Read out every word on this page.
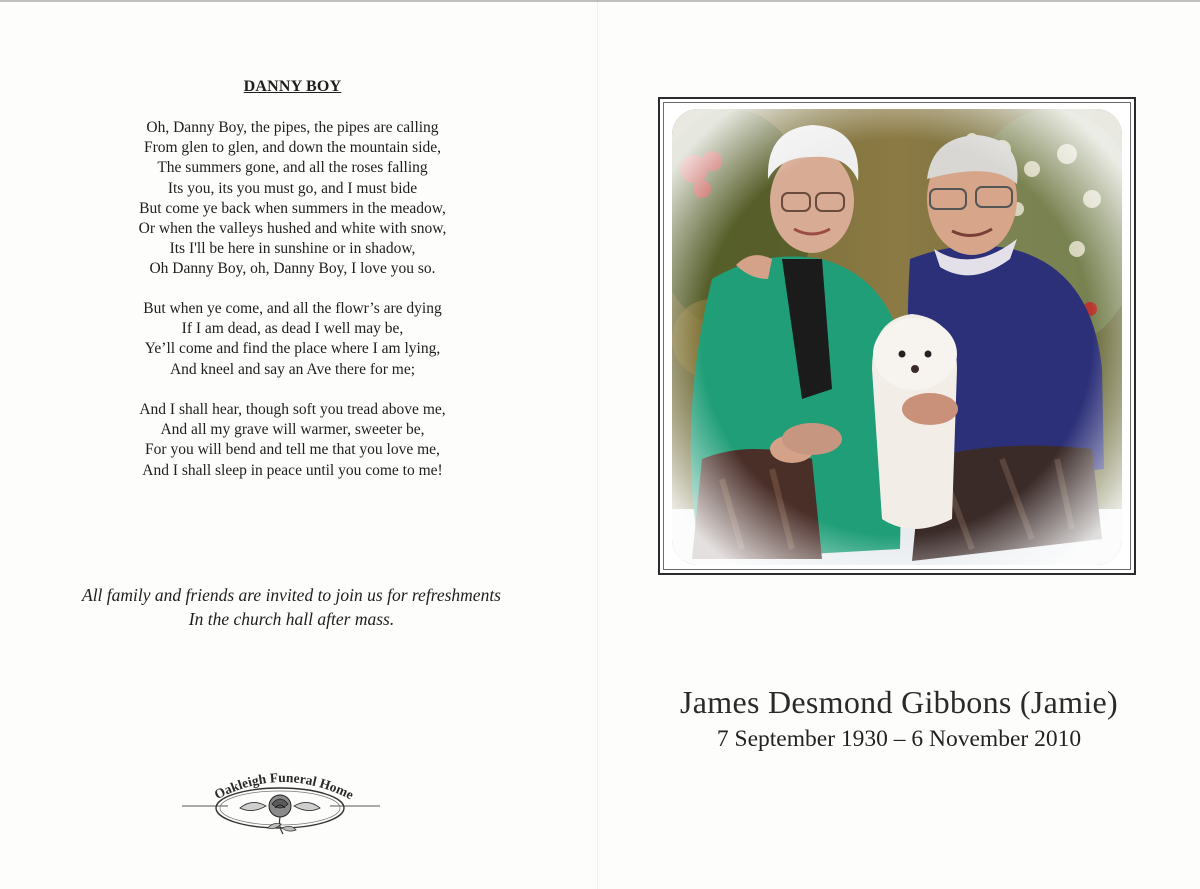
DANNY BOY
Oh, Danny Boy, the pipes, the pipes are calling
From glen to glen, and down the mountain side,
The summers gone, and all the roses falling
Its you, its you must go, and I must bide
But come ye back when summers in the meadow,
Or when the valleys hushed and white with snow,
Its I'll be here in sunshine or in shadow,
Oh Danny Boy, oh, Danny Boy, I love you so.
But when ye come, and all the flowr’s are dying
If I am dead, as dead I well may be,
Ye’ll come and find the place where I am lying,
And kneel and say an Ave there for me;
And I shall hear, though soft you tread above me,
And all my grave will warmer, sweeter be,
For you will bend and tell me that you love me,
And I shall sleep in peace until you come to me!
All family and friends are invited to join us for refreshments
In the church hall after mass.
Oakleigh Funeral Home
James Desmond Gibbons (Jamie)
7 September 1930 – 6 November 2010
